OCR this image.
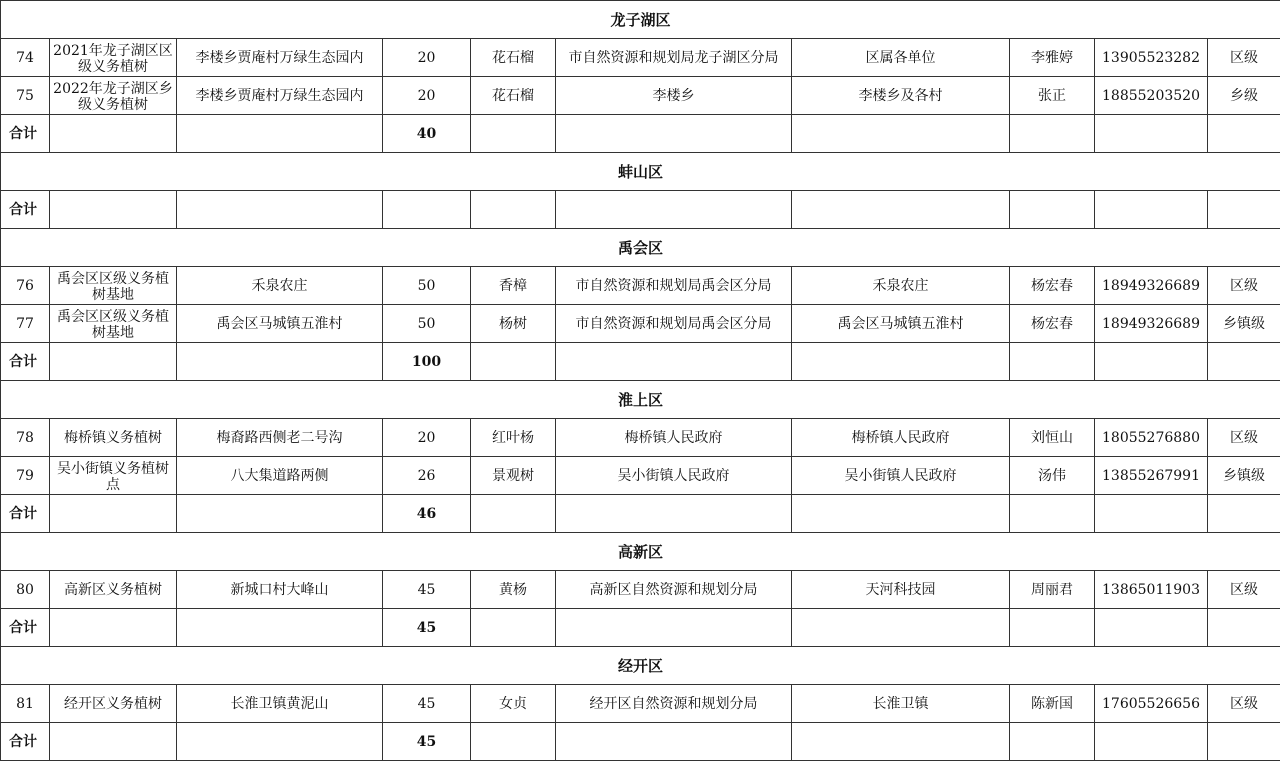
龙子湖区									

74	2021年龙子湖区区级义务植树	李楼乡贾庵村万绿生态园内	20	花石榴	市自然资源和规划局龙子湖区分局	区属各单位	李雅婷	13905523282	区级

75	2022年龙子湖区乡级义务植树	李楼乡贾庵村万绿生态园内	20	花石榴	李楼乡	李楼乡及各村	张正	18855203520	乡级

合计			40						
蚌山区									
合计									
禹会区									

76	禹会区区级义务植树基地	禾泉农庄	50	香樟	市自然资源和规划局禹会区分局	禾泉农庄	杨宏春	18949326689	区级

77	禹会区区级义务植树基地	禹会区马城镇五淮村	50	杨树	市自然资源和规划局禹会区分局	禹会区马城镇五淮村	杨宏春	18949326689	乡镇级

合计			100						
淮上区									

78	梅桥镇义务植树	梅裔路西侧老二号沟	20	红叶杨	梅桥镇人民政府	梅桥镇人民政府	刘恒山	18055276880	区级

79	吴小街镇义务植树点	八大集道路两侧	26	景观树	吴小街镇人民政府	吴小街镇人民政府	汤伟	13855267991	乡镇级

合计			46						
高新区									

80	高新区义务植树	新城口村大峰山	45	黄杨	高新区自然资源和规划分局	天河科技园	周丽君	13865011903	区级

合计			45						
经开区									

81	经开区义务植树	长淮卫镇黄泥山	45	女贞	经开区自然资源和规划分局	长淮卫镇	陈新国	17605526656	区级

合计			45						
